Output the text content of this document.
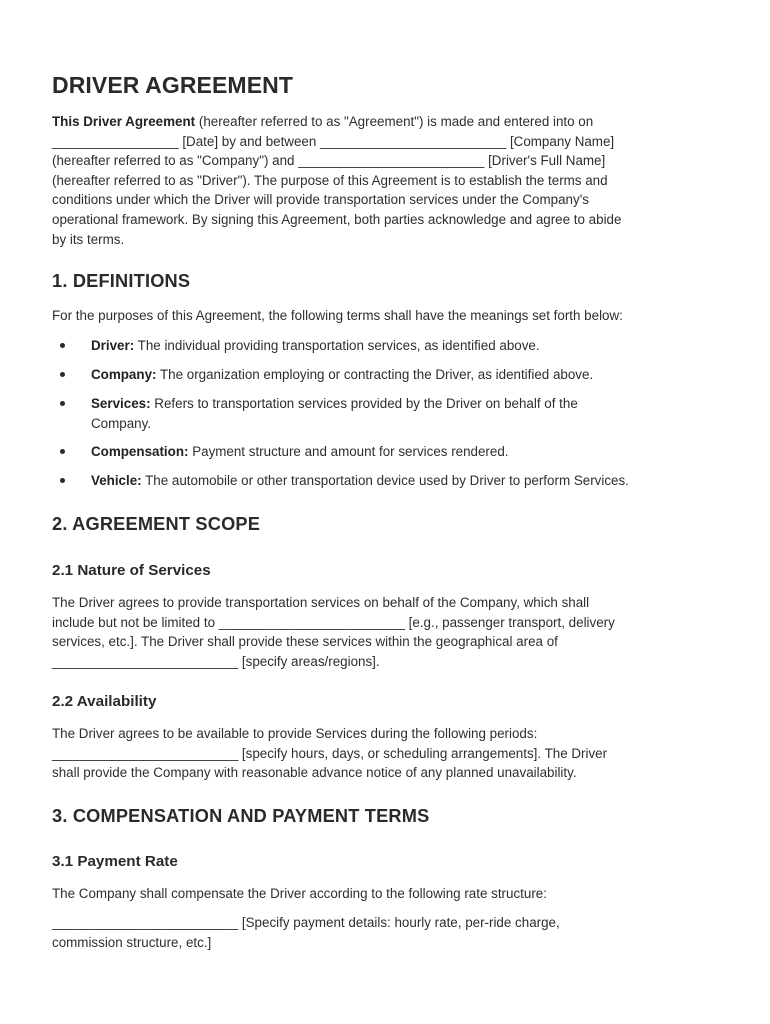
DRIVER AGREEMENT
This Driver Agreement (hereafter referred to as "Agreement") is made and entered into on
_________________ [Date] by and between _________________________ [Company Name]
(hereafter referred to as "Company") and _________________________ [Driver's Full Name]
(hereafter referred to as "Driver"). The purpose of this Agreement is to establish the terms and
conditions under which the Driver will provide transportation services under the Company's
operational framework. By signing this Agreement, both parties acknowledge and agree to abide
by its terms.
1. DEFINITIONS
For the purposes of this Agreement, the following terms shall have the meanings set forth below:
Driver: The individual providing transportation services, as identified above.
Company: The organization employing or contracting the Driver, as identified above.
Services: Refers to transportation services provided by the Driver on behalf of the
Company.
Compensation: Payment structure and amount for services rendered.
Vehicle: The automobile or other transportation device used by Driver to perform Services.
2. AGREEMENT SCOPE
2.1 Nature of Services
The Driver agrees to provide transportation services on behalf of the Company, which shall
include but not be limited to _________________________ [e.g., passenger transport, delivery
services, etc.]. The Driver shall provide these services within the geographical area of
_________________________ [specify areas/regions].
2.2 Availability
The Driver agrees to be available to provide Services during the following periods:
_________________________ [specify hours, days, or scheduling arrangements]. The Driver
shall provide the Company with reasonable advance notice of any planned unavailability.
3. COMPENSATION AND PAYMENT TERMS
3.1 Payment Rate
The Company shall compensate the Driver according to the following rate structure:
_________________________ [Specify payment details: hourly rate, per-ride charge,
commission structure, etc.]
